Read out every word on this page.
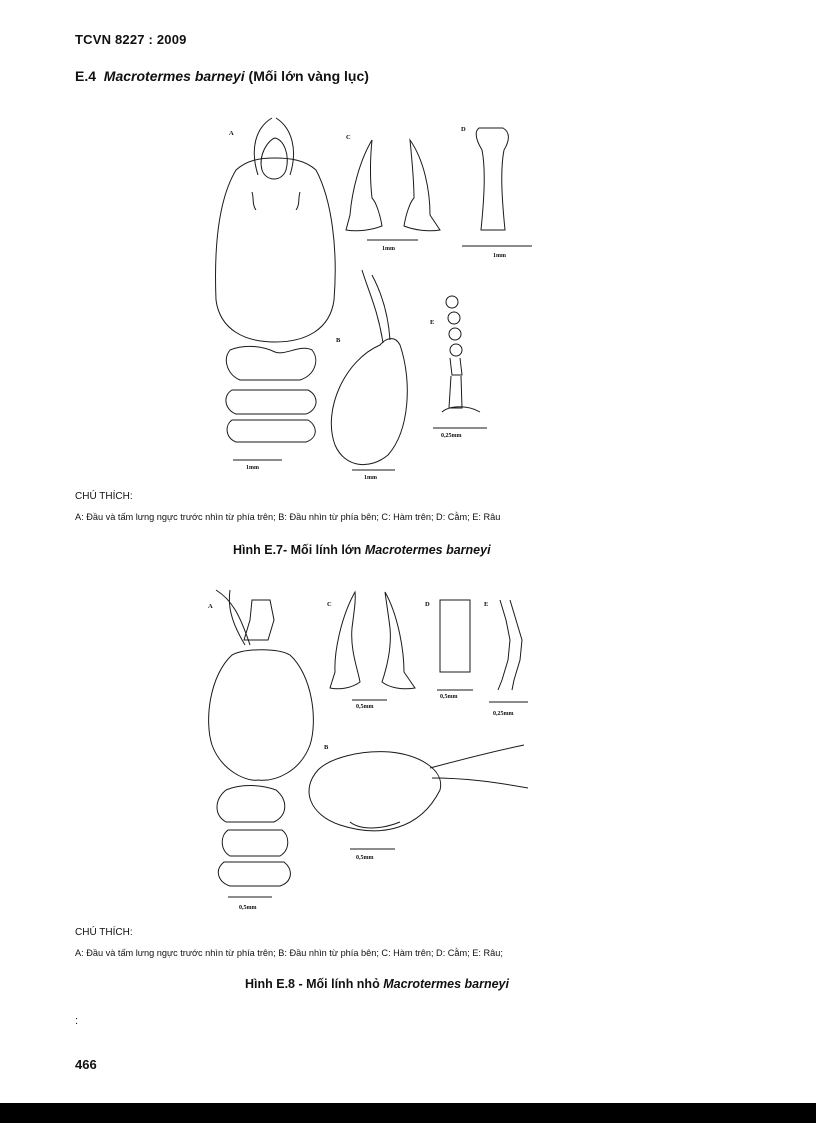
TCVN 8227 : 2009
E.4 Macrotermes barneyi (Mối lớn vàng lục)
A
C
D
B
E
1mm
1mm
1mm
1mm
0,25mm
CHÚ THÍCH:
A: Đầu và tấm lưng ngực trước nhìn từ phía trên; B: Đầu nhìn từ phía bên; C: Hàm trên; D: Cằm; E: Râu
Hình E.7- Mối lính lớn Macrotermes barneyi
A	C	D	E
B
0,5mm
0,5mm
0,25mm
0,5mm
0,5mm
CHÚ THÍCH:
A: Đầu và tấm lưng ngực trước nhìn từ phía trên; B: Đầu nhìn từ phía bên; C: Hàm trên; D: Cằm; E: Râu;
Hình E.8 - Mối lính nhỏ Macrotermes barneyi
:
466
